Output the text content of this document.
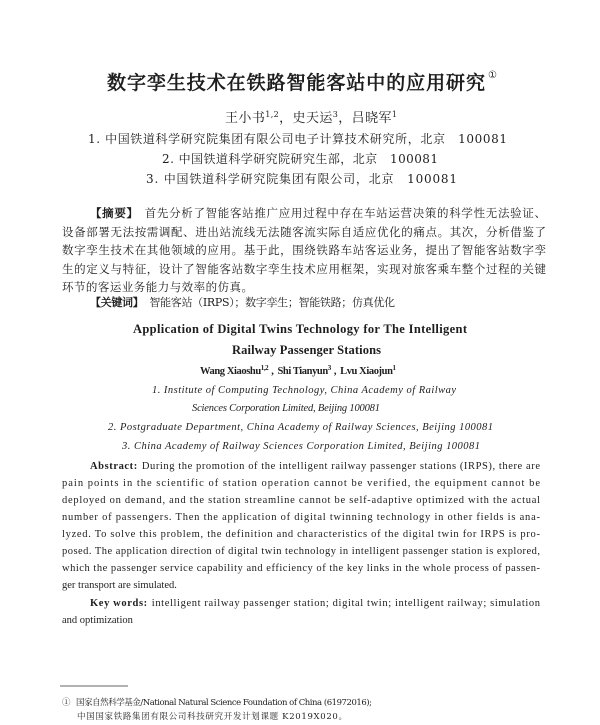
数字孪生技术在铁路智能客站中的应用研究 ①
王小书$^{1,2}$，史天运$^3$，吕晓军$^1$
1. 中国铁道科学研究院集团有限公司电子计算技术研究所，北京　100081
2. 中国铁道科学研究院研究生部，北京　100081
3. 中国铁道科学研究院集团有限公司，北京　100081
【摘要】 首先分析了智能客站推广应用过程中存在车站运营决策的科学性无法验证、
设备部署无法按需调配、进出站流线无法随客流实际自适应优化的痛点。其次，分析借鉴了
数字孪生技术在其他领域的应用。基于此，围绕铁路车站客运业务，提出了智能客站数字孪
生的定义与特征，设计了智能客站数字孪生技术应用框架，实现对旅客乘车整个过程的关键
环节的客运业务能力与效率的仿真。
【关键词】 智能客站（IRPS）；数字孪生；智能铁路；仿真优化
Application of Digital Twins Technology for The Intelligent
Railway Passenger Stations
Wang Xiaoshu$^{1,2}$ , Shi Tianyun$^3$ , Lvu Xiaojun$^1$
1. Institute of Computing Technology, China Academy of Railway
Sciences Corporation Limited, Beijing 100081
2. Postgraduate Department, China Academy of Railway Sciences, Beijing 100081
3. China Academy of Railway Sciences Corporation Limited, Beijing 100081
Abstract: During the promotion of the intelligent railway passenger stations (IRPS), there are
pain points in the scientific of station operation cannot be verified, the equipment cannot be
deployed on demand, and the station streamline cannot be self-adaptive optimized with the actual
number of passengers. Then the application of digital twinning technology in other fields is ana-
lyzed. To solve this problem, the definition and characteristics of the digital twin for IRPS is pro-
posed. The application direction of digital twin technology in intelligent passenger station is explored,
which the passenger service capability and efficiency of the key links in the whole process of passen-
ger transport are simulated.
Key words: intelligent railway passenger station; digital twin; intelligent railway; simulation
and optimization
① 国家自然科学基金/National Natural Science Foundation of China (61972016);
中国国家铁路集团有限公司科技研究开发计划课题 K2019X020。
